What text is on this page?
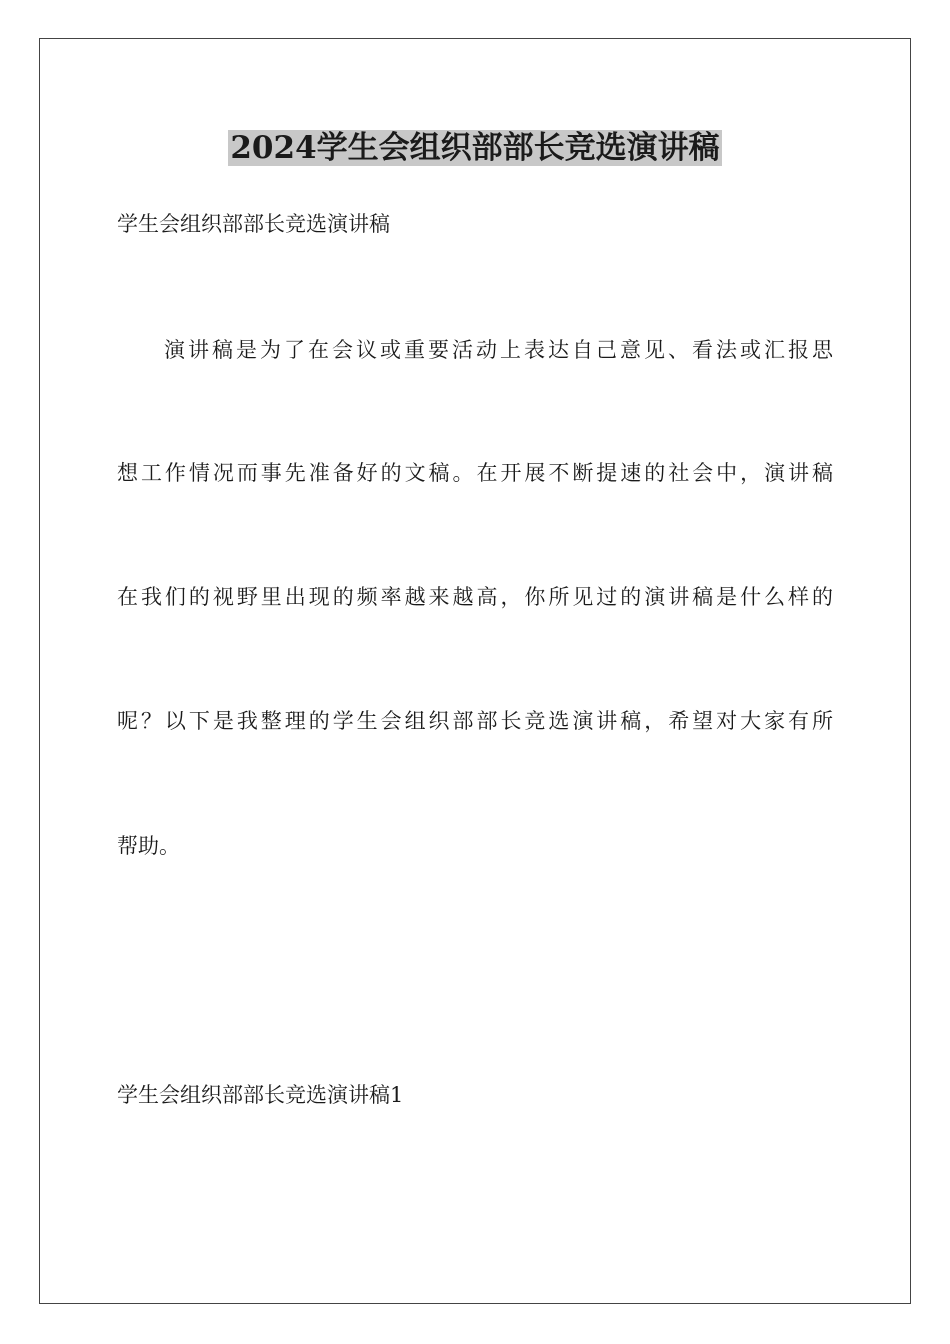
2024学生会组织部部长竞选演讲稿

学生会组织部部长竞选演讲稿

演讲稿是为了在会议或重要活动上表达自己意见、看法或汇报思

想工作情况而事先准备好的文稿。在开展不断提速的社会中，演讲稿

在我们的视野里出现的频率越来越高，你所见过的演讲稿是什么样的

呢？以下是我整理的学生会组织部部长竞选演讲稿，希望对大家有所

帮助。

学生会组织部部长竞选演讲稿1
